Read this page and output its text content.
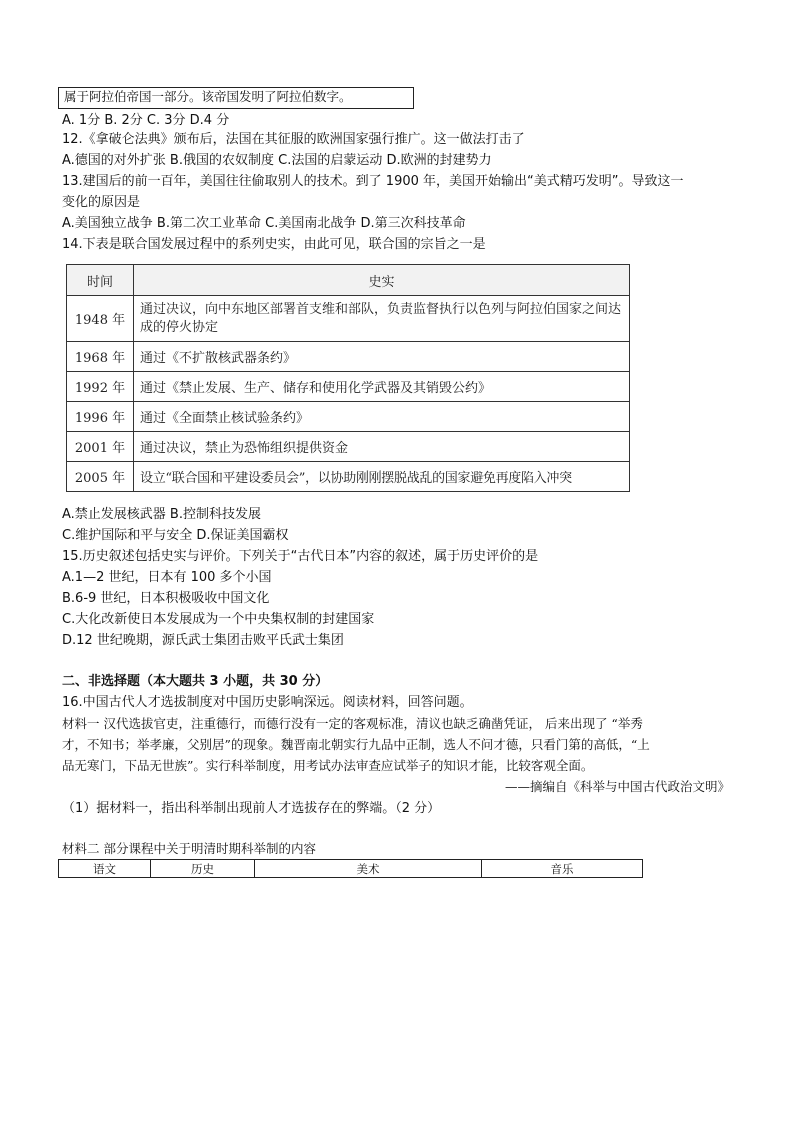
属于阿拉伯帝国一部分。该帝国发明了阿拉伯数字。
A. 1分 B. 2分 C. 3分 D.4 分
12.《拿破仑法典》颁布后，法国在其征服的欧洲国家强行推广。这一做法打击了
A.德国的对外扩张 B.俄国的农奴制度 C.法国的启蒙运动 D.欧洲的封建势力
13.建国后的前一百年，美国往往偷取别人的技术。到了 1900 年，美国开始输出“美式精巧发明”。导致这一
变化的原因是
A.美国独立战争 B.第二次工业革命 C.美国南北战争 D.第三次科技革命
14.下表是联合国发展过程中的系列史实，由此可见，联合国的宗旨之一是
时间	史实
1948 年	通过决议，向中东地区部署首支维和部队，负责监督执行以色列与阿拉伯国家之间达成的停火协定
1968 年	通过《不扩散核武器条约》
1992 年	通过《禁止发展、生产、储存和使用化学武器及其销毁公约》
1996 年	通过《全面禁止核试验条约》
2001 年	通过决议，禁止为恐怖组织提供资金
2005 年	设立“联合国和平建设委员会”，以协助刚刚摆脱战乱的国家避免再度陷入冲突
A.禁止发展核武器 B.控制科技发展
C.维护国际和平与安全 D.保证美国霸权
15.历史叙述包括史实与评价。下列关于“古代日本”内容的叙述，属于历史评价的是
A.1—2 世纪，日本有 100 多个小国
B.6-9 世纪，日本积极吸收中国文化
C.大化改新使日本发展成为一个中央集权制的封建国家
D.12 世纪晚期，源氏武士集团击败平氏武士集团
二、非选择题（本大题共 3 小题，共 30 分）
16.中国古代人才选拔制度对中国历史影响深远。阅读材料，回答问题。
材料一 汉代选拔官吏，注重德行，而德行没有一定的客观标准，清议也缺乏确凿凭证， 后来出现了 “举秀
才，不知书；举孝廉，父别居”的现象。魏晋南北朝实行九品中正制，选人不问才德，只看门第的高低，“上
品无寒门，下品无世族”。实行科举制度，用考试办法审查应试举子的知识才能，比较客观全面。
——摘编自《科举与中国古代政治文明》
（1）据材料一，指出科举制出现前人才选拔存在的弊端。（2 分）
材料二 部分课程中关于明清时期科举制的内容
语文	历史	美术	音乐
